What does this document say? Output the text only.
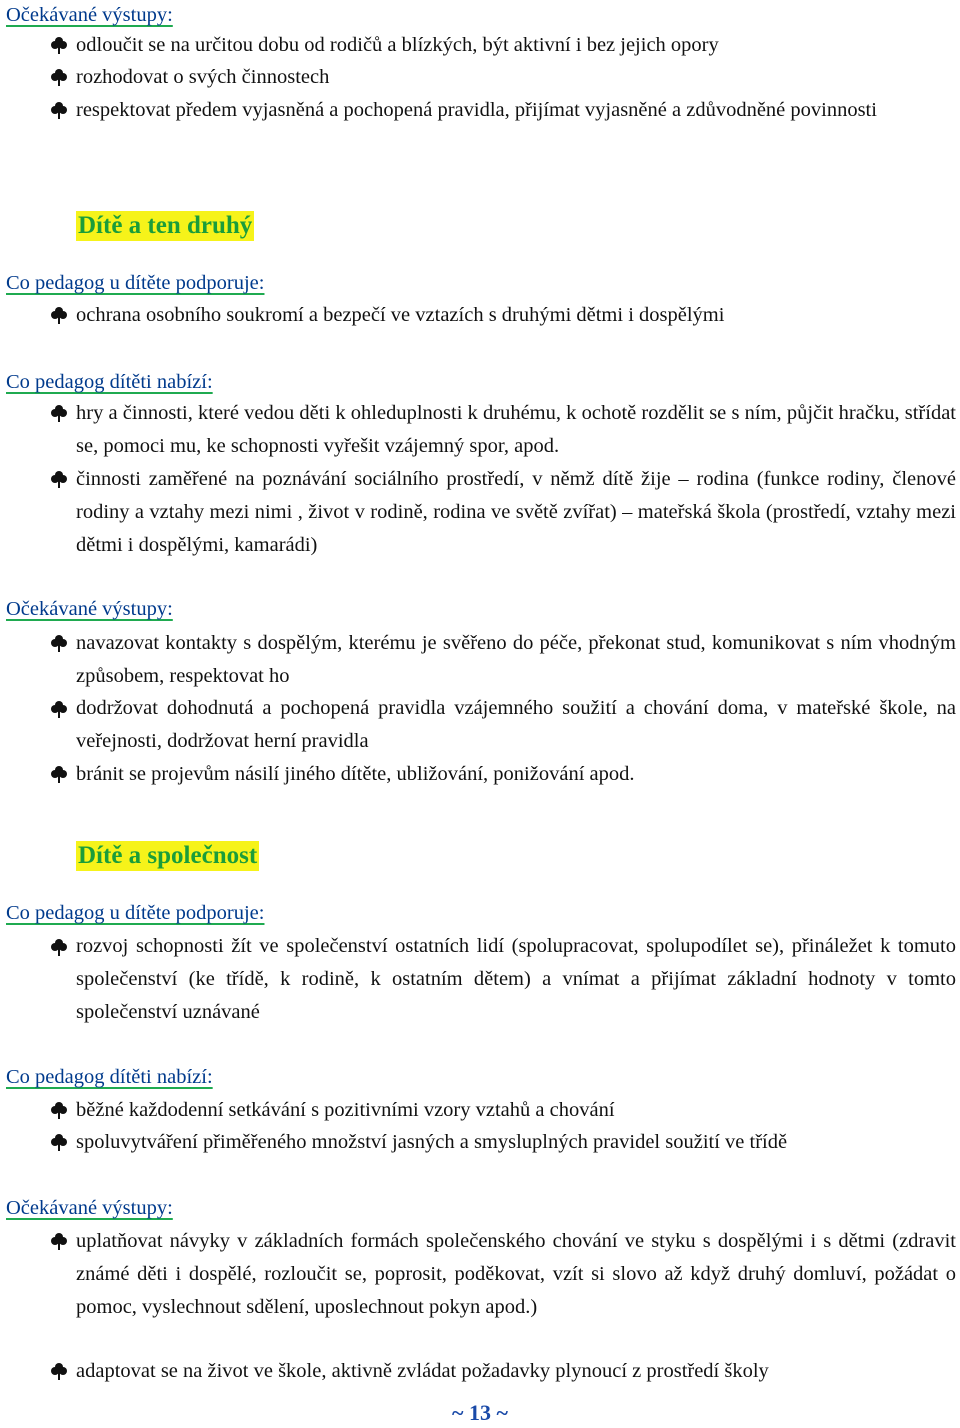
Očekávané výstupy:
odloučit se na určitou dobu od rodičů a blízkých, být aktivní i bez jejich opory
rozhodovat o svých činnostech
respektovat předem vyjasněná a pochopená pravidla, přijímat vyjasněné a zdůvodněné povinnosti
Dítě a ten druhý
Co pedagog u dítěte podporuje:
ochrana osobního soukromí a bezpečí ve vztazích s druhými dětmi i dospělými
Co pedagog dítěti nabízí:
hry a činnosti, které vedou děti k ohleduplnosti k druhému, k ochotě rozdělit se s ním, půjčit hračku, střídat se, pomoci mu, ke schopnosti vyřešit vzájemný spor, apod.
činnosti zaměřené na poznávání sociálního prostředí, v němž dítě žije – rodina (funkce rodiny, členové rodiny a vztahy mezi nimi , život v rodině, rodina ve světě zvířat) – mateřská škola (prostředí, vztahy mezi dětmi i dospělými, kamarádi)
Očekávané výstupy:
navazovat kontakty s dospělým, kterému je svěřeno do péče, překonat stud, komunikovat s ním vhodným způsobem, respektovat ho
dodržovat dohodnutá a pochopená pravidla vzájemného soužití a chování doma, v mateřské škole, na veřejnosti, dodržovat herní pravidla
bránit se projevům násilí jiného dítěte, ubližování, ponižování apod.
Dítě a společnost
Co pedagog u dítěte podporuje:
rozvoj schopnosti žít ve společenství ostatních lidí (spolupracovat, spolupodílet se), přináležet k tomuto společenství (ke třídě, k rodině, k ostatním dětem) a vnímat a přijímat základní hodnoty v tomto společenství uznávané
Co pedagog dítěti nabízí:
běžné každodenní setkávání s pozitivními vzory vztahů a chování
spoluvytváření přiměřeného množství jasných a smysluplných pravidel soužití ve třídě
Očekávané výstupy:
uplatňovat návyky v základních formách společenského chování ve styku s dospělými i s dětmi (zdravit známé děti i dospělé, rozloučit se, poprosit, poděkovat, vzít si slovo až když druhý domluví, požádat o pomoc, vyslechnout sdělení, uposlechnout pokyn apod.)
adaptovat se na život ve škole, aktivně zvládat požadavky plynoucí z prostředí školy
~ 13 ~
